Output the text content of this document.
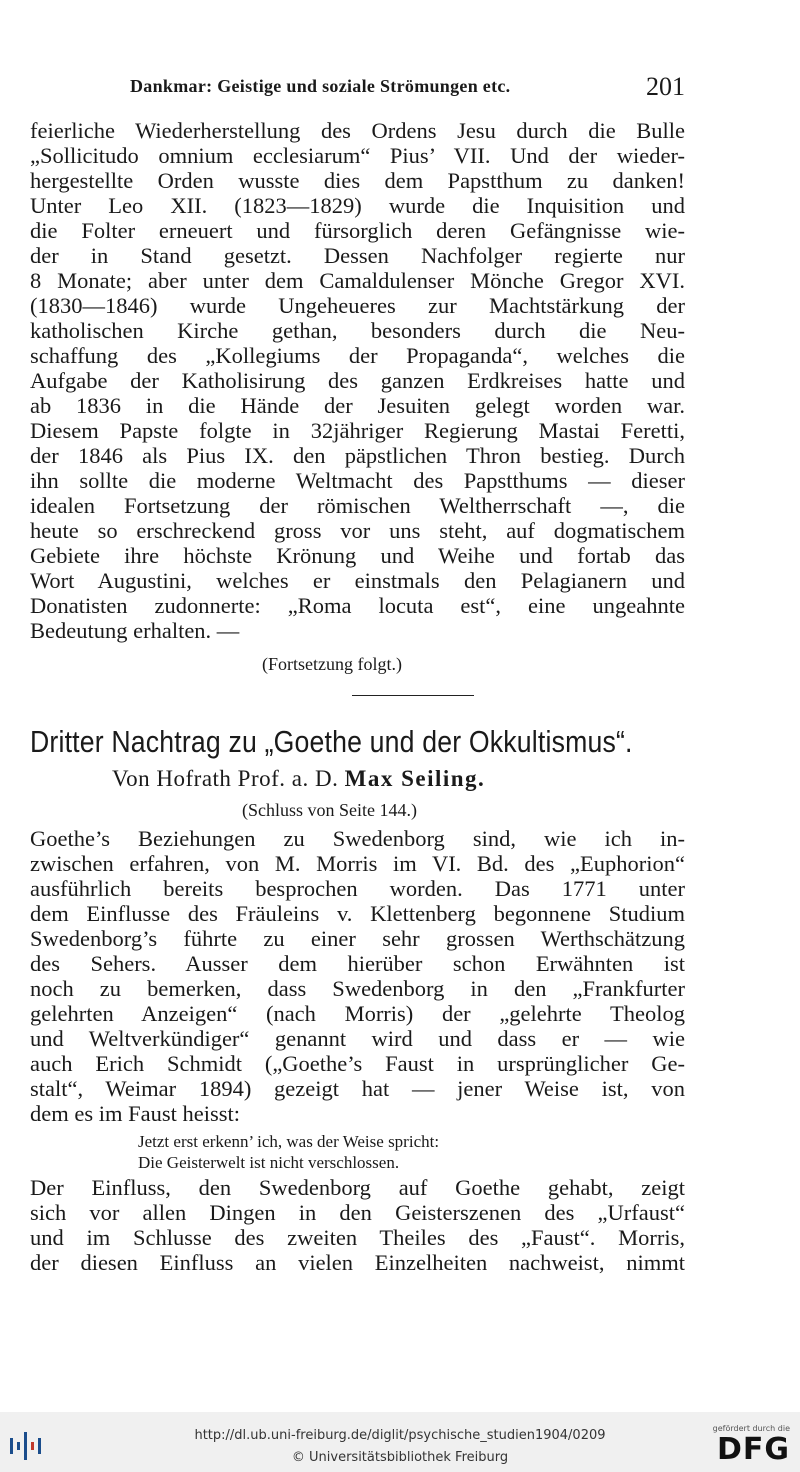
Dankmar: Geistige und soziale Strömungen etc.	201
feierliche Wiederherstellung des Ordens Jesu durch die Bulle
„Sollicitudo omnium ecclesiarum“ Pius’ VII. Und der wieder-
hergestellte Orden wusste dies dem Papstthum zu danken!
Unter Leo XII. (1823—1829) wurde die Inquisition und
die Folter erneuert und fürsorglich deren Gefängnisse wie-
der in Stand gesetzt. Dessen Nachfolger regierte nur
8 Monate; aber unter dem Camaldulenser Mönche Gregor XVI.
(1830—1846) wurde Ungeheueres zur Machtstärkung der
katholischen Kirche gethan, besonders durch die Neu-
schaffung des „Kollegiums der Propaganda“, welches die
Aufgabe der Katholisirung des ganzen Erdkreises hatte und
ab 1836 in die Hände der Jesuiten gelegt worden war.
Diesem Papste folgte in 32jähriger Regierung Mastai Feretti,
der 1846 als Pius IX. den päpstlichen Thron bestieg. Durch
ihn sollte die moderne Weltmacht des Papstthums — dieser
idealen Fortsetzung der römischen Weltherrschaft —, die
heute so erschreckend gross vor uns steht, auf dogmatischem
Gebiete ihre höchste Krönung und Weihe und fortab das
Wort Augustini, welches er einstmals den Pelagianern und
Donatisten zudonnerte: „Roma locuta est“, eine ungeahnte
Bedeutung erhalten. —
(Fortsetzung folgt.)
Dritter Nachtrag zu „Goethe und der Okkultismus“.
Von Hofrath Prof. a. D. Max Seiling.
(Schluss von Seite 144.)
Goethe’s Beziehungen zu Swedenborg sind, wie ich in-
zwischen erfahren, von M. Morris im VI. Bd. des „Euphorion“
ausführlich bereits besprochen worden. Das 1771 unter
dem Einflusse des Fräuleins v. Klettenberg begonnene Studium
Swedenborg’s führte zu einer sehr grossen Werthschätzung
des Sehers. Ausser dem hierüber schon Erwähnten ist
noch zu bemerken, dass Swedenborg in den „Frankfurter
gelehrten Anzeigen“ (nach Morris) der „gelehrte Theolog
und Weltverkündiger“ genannt wird und dass er — wie
auch Erich Schmidt („Goethe’s Faust in ursprünglicher Ge-
stalt“, Weimar 1894) gezeigt hat — jener Weise ist, von
dem es im Faust heisst:
Jetzt erst erkenn’ ich, was der Weise spricht:
Die Geisterwelt ist nicht verschlossen.
Der Einfluss, den Swedenborg auf Goethe gehabt, zeigt
sich vor allen Dingen in den Geisterszenen des „Urfaust“
und im Schlusse des zweiten Theiles des „Faust“. Morris,
der diesen Einfluss an vielen Einzelheiten nachweist, nimmt
http://dl.ub.uni-freiburg.de/diglit/psychische_studien1904/0209
© Universitätsbibliothek Freiburg
gefördert durch die
DFG
